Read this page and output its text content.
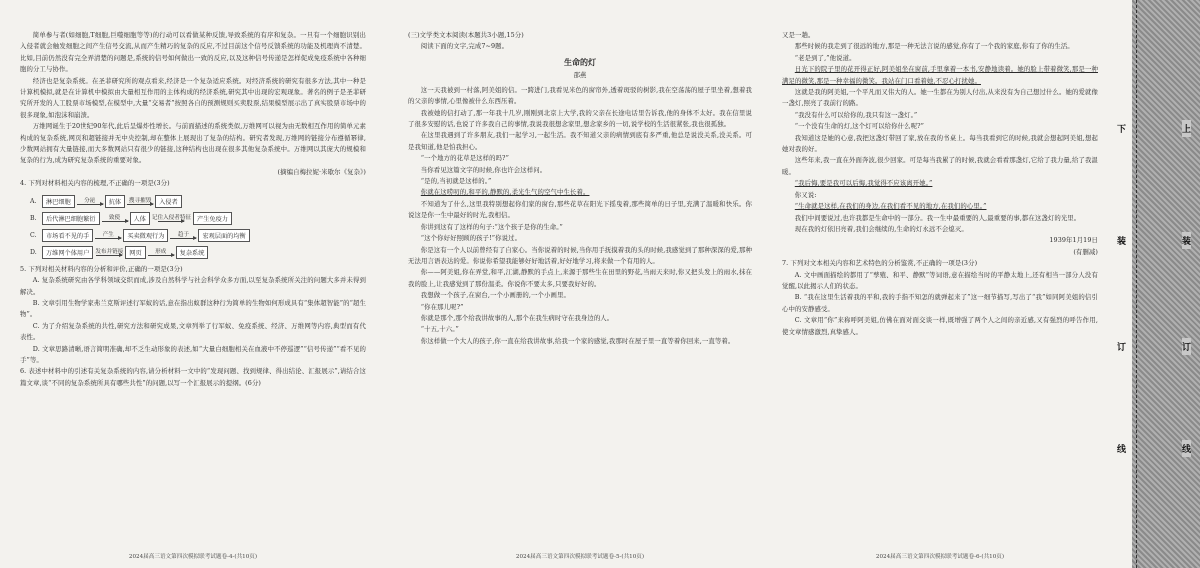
简单参与者(如细胞,T细胞,巨噬细胞等等)的行动可以看做某种反馈,导致系统的有序和复杂。一旦有一个细胞识别出入侵者就会触发细胞之间产生信号交流,从而产生精巧的复杂的反应,不过目前这个信号反馈系统的功能及机理尚不清楚。比如,目前仍然没有完全弄清楚的问题是,系统的信号如何做出一致的反应,以及这种信号传递是怎样促成免疫系统中各种细胞的分工与协作。

经济也是复杂系统。在圣菲研究所的观点看来,经济是一个复杂适应系统。对经济系统的研究有很多方法,其中一种是计算机模拟,就是在计算机中模拟由大量相互作用的主体构成的经济系统,研究其中出现的宏观现象。著名的例子是圣菲研究所开发的人工股票市场模型,在模型中,大量“交易者”按照各自的预测规则买卖股票,结果模型展示出了真实股票市场中的很多现象,如泡沫和崩溃。

万维网诞生于20世纪90年代,此后呈爆炸性增长。与前面描述的系统类似,万维网可以视为由无数相互作用的简单元素构成的复杂系统,网页和超链接并无中央控制,却在整体上展现出了复杂的结构。研究者发现,万维网的链接分布遵循幂律,少数网站拥有大量链接,而大多数网站只有很少的链接,这种结构也出现在很多其他复杂系统中。万维网以其庞大的规模和复杂的行为,成为研究复杂系统的重要对象。

(摘编自梅拉妮·米歇尔《复杂》)

4. 下列对材料相关内容的梳理,不正确的一项是(3分)

A.	淋巴细胞	分泌	抗体	搜寻摧毁	入侵者
B.	后代淋巴细胞繁衍	致使	人体	记住入侵者特征 产生免疫力
C.	市场看不见的手	产生	买卖微观行为	趋于	宏观层面的均衡
D.	万维网个体用户	发布并链接 网页	形成	复杂系统

5. 下列对相关材料内容的分析和评价,正确的一项是(3分)

A. 复杂系统研究由各学科领域交织而成,涉及自然科学与社会科学众多方面,以至复杂系统所关注的问题大多并未得到解决。

B. 文章引用生物学家弗兰克斯评述行军蚁的话,意在指出蚁群这种行为简单的生物如何形成具有“集体超智能”的“超生物”。

C. 为了介绍复杂系统的共性,研究方法和研究成果,文章列举了行军蚁、免疫系统、经济、万维网等内容,典型而有代表性。

D. 文章思路清晰,语言简明准确,却不乏生动形象的表述,如“大量白细胞相关在血液中不停巡逻”“信号传递”“看不见的手”等。

6. 表述中材料中的引述有关复杂系统的内容,请分析材料一文中的“发现问题、找到规律、得出结论、汇报展示”,请结合这篇文章,谈“不同的复杂系统所具有哪些共性”的问题,以写一个汇报展示的提纲。(6分)

2024届高三语文第四次模拟联考试题卷-4-(共10页)

(三)文学类文本阅读(本题共3小题,15分)

阅读下面的文字,完成7~9题。

生命的灯
邵燕

这一天我被到一村落,阿美姐的信。一跨进门,我看见米色的窗帘外,透着斑驳的树影,我在空荡荡的屋子里坐着,想着我的父亲的事情,心里像被什么东西压着。

我被她的信打动了,那一年我十几岁,刚刚到北京上大学,我的父亲在长途电话里告诉我,他的身体不太好。我在信里说了很多安慰的话,也说了许多我自己的事情,我说我很想念家里,想念家乡的一切,说学校的生活很紧张,我也很孤独。

在这里我遇到了许多朋友,我们一起学习,一起生活。我不知道父亲的病情到底有多严重,他总是说没关系,没关系。可是我知道,他是怕我担心。

“一个地方的花草是这样的吗?”

当你看见这篇文字的时候,你也许会这样问。

“是的,当初就是这样的。”

你就在这唠叨的,和平的,静默的,柔光生气的空气中生长着。

不知道为了什么,这里我特别想起你们家的窗台,那些花草在阳光下摇曳着,那些简单的日子里,充满了温暖和快乐。你说这是你一生中最好的时光,我相信。

你讲到这有了这样的句子:“这个孩子是你的生命。”

“这个你好好照顾的孩子!”你说过。

你是这有一个人以前曾经有了自家心。当你说着的时候,当你用手抚摸着我的头的时候,我感觉到了那种深深的爱,那种无法用言语表达的爱。你说你希望我能够好好地活着,好好地学习,将来做一个有用的人。

你——阿美姐,你在弄堂,和平,江湖,静默的手点上,来源于那些生在田里的野花,当雨天来时,你又把头发上的雨水,抹在我的脸上,让我感觉到了那份温柔。你说你不要太多,只要我好好的。

我想做一个孩子,在窗台,一个小画册的,一个小画里。

“你在那儿呢?”

你就是那个,那个给我讲故事的人,那个在我生病时守在我身边的人。

“十五,十六。”

你这样做一个大人的孩子,你一直在给我讲故事,给我一个家的感觉,我那时在屋子里一直等着你回来,一直等着。

2024届高三语文第四次模拟联考试题卷-5-(共10页)

又是一趟。

那些时候的我走到了很远的地方,那是一种无法言说的感觉,你有了一个我的家庭,你有了你的生活。

“老是到了,”他说道。

日光下的院子里的花开得正好,阿美姐坐在窗前,手里拿着一本书,安静地读着。她的脸上带着微笑,那是一种满足的微笑,那是一种幸福的微笑。我站在门口看着她,不忍心打扰她。

这就是我的阿美姐,一个平凡而又伟大的人。她一生都在为别人付出,从来没有为自己想过什么。她的爱就像一盏灯,照亮了我前行的路。

“我没有什么可以给你的,我只有这一盏灯。”

“一个没有生命的灯,这个灯可以给你什么呢?”

我知道这是她的心意,我把这盏灯带回了家,放在我的书桌上。每当我看到它的时候,我就会想起阿美姐,想起她对我的好。

这些年来,我一直在外面奔波,很少回家。可是每当我累了的时候,我就会看看那盏灯,它给了我力量,给了我温暖。

“我后悔,要是我可以后悔,我觉得不应该离开她。”

你又说:

“生命就是这样,在我们的身边,在我们看不见的地方,在我们的心里。”

我们中间要说过,也许我都是生命中的一部分。我一生中最重要的人,最重要的事,都在这盏灯的光里。

现在我的灯依旧亮着,我们会继续的,生命的灯永远不会熄灭。

1939年1月19日

(有删减)

7. 下列对文本相关内容和艺术特色的分析鉴赏,不正确的一项是(3分)

A. 文中画面描绘的都用了“孳殖、和平、静默”等词语,意在描绘当时的平静太地上,还有相当一部分人没有觉醒,以此揭示人们的状态。

B. “我在这里生活着我的平和,我的手指不知怎的就弹起来了”这一细节描写,写出了“我”如同阿美姐的信引心中的安静感受。

C. 文章用“你”来称呼阿美姐,仿佛在面对面交谈一样,既增强了两个人之间的亲近感,又有强烈的呼告作用,使文章情感激烈,真挚感人。

2024届高三语文第四次模拟联考试题卷-6-(共10页)
下
装
订
线
上
装
订
线
